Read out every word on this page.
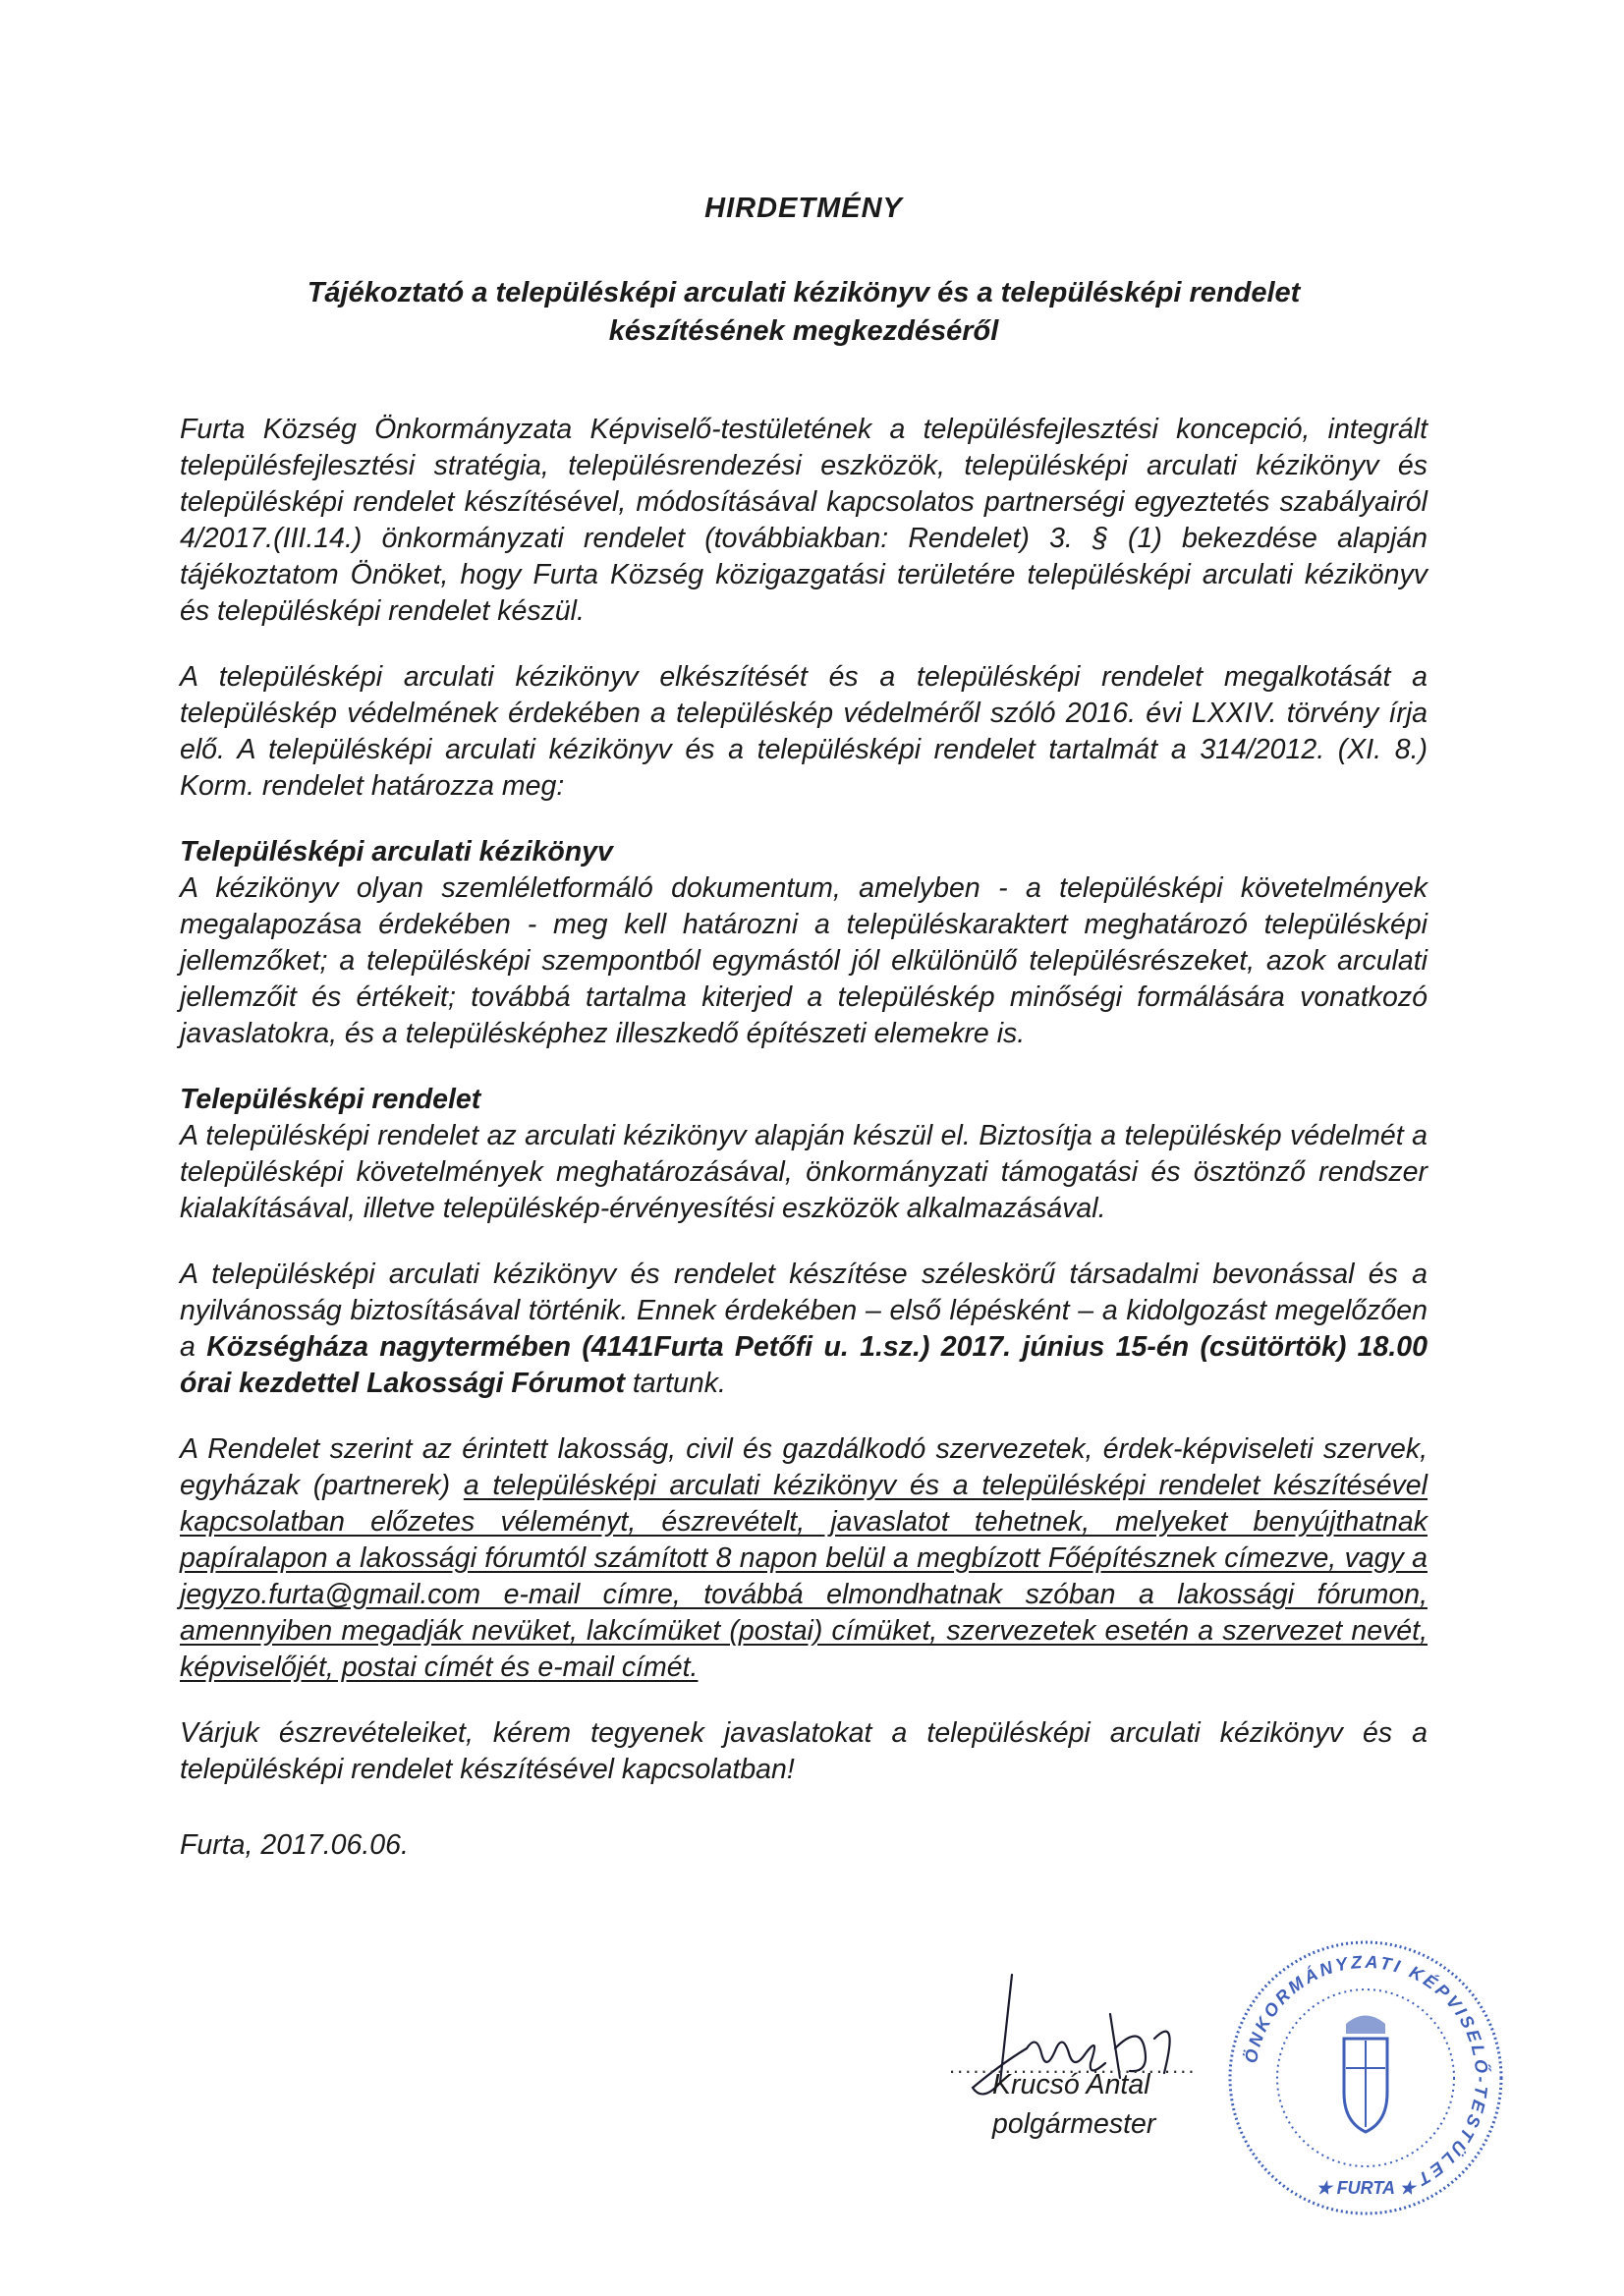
HIRDETMÉNY
Tájékoztató a településképi arculati kézikönyv és a településképi rendelet
készítésének megkezdéséről

Furta Község Önkormányzata Képviselő-testületének a településfejlesztési koncepció, integrált településfejlesztési stratégia, településrendezési eszközök, településképi arculati kézikönyv és településképi rendelet készítésével, módosításával kapcsolatos partnerségi egyeztetés szabályairól 4/2017.(III.14.) önkormányzati rendelet (továbbiakban: Rendelet) 3. § (1) bekezdése alapján tájékoztatom Önöket, hogy Furta Község közigazgatási területére településképi arculati kézikönyv és településképi rendelet készül.

A településképi arculati kézikönyv elkészítését és a településképi rendelet megalkotását a településkép védelmének érdekében a településkép védelméről szóló 2016. évi LXXIV. törvény írja elő. A településképi arculati kézikönyv és a településképi rendelet tartalmát a 314/2012. (XI. 8.) Korm. rendelet határozza meg:

Településképi arculati kézikönyv

A kézikönyv olyan szemléletformáló dokumentum, amelyben - a településképi követelmények megalapozása érdekében - meg kell határozni a településkaraktert meghatározó településképi jellemzőket; a településképi szempontból egymástól jól elkülönülő településrészeket, azok arculati jellemzőit és értékeit; továbbá tartalma kiterjed a településkép minőségi formálására vonatkozó javaslatokra, és a településképhez illeszkedő építészeti elemekre is.

Településképi rendelet

A településképi rendelet az arculati kézikönyv alapján készül el. Biztosítja a településkép védelmét a településképi követelmények meghatározásával, önkormányzati támogatási és ösztönző rendszer kialakításával, illetve településkép-érvényesítési eszközök alkalmazásával.

A településképi arculati kézikönyv és rendelet készítése széleskörű társadalmi bevonással és a nyilvánosság biztosításával történik. Ennek érdekében – első lépésként – a kidolgozást megelőzően a Községháza nagytermében (4141Furta Petőfi u. 1.sz.) 2017. június 15-én (csütörtök) 18.00 órai kezdettel Lakossági Fórumot tartunk.

A Rendelet szerint az érintett lakosság, civil és gazdálkodó szervezetek, érdek-képviseleti szervek, egyházak (partnerek) a településképi arculati kézikönyv és a településképi rendelet készítésével kapcsolatban előzetes véleményt, észrevételt, javaslatot tehetnek, melyeket benyújthatnak papíralapon a lakossági fórumtól számított 8 napon belül a megbízott Főépítésznek címezve, vagy a jegyzo.furta@gmail.com e-mail címre, továbbá elmondhatnak szóban a lakossági fórumon, amennyiben megadják nevüket, lakcímüket (postai) címüket, szervezetek esetén a szervezet nevét, képviselőjét, postai címét és e-mail címét.

Várjuk észrevételeiket, kérem tegyenek javaslatokat a településképi arculati kézikönyv és a településképi rendelet készítésével kapcsolatban!

Furta, 2017.06.06.

...............................
Krucsó Antal
polgármester
ÖNKORMÁNYZATI KÉPVISELŐ-TESTÜLET
★ FURTA ★
